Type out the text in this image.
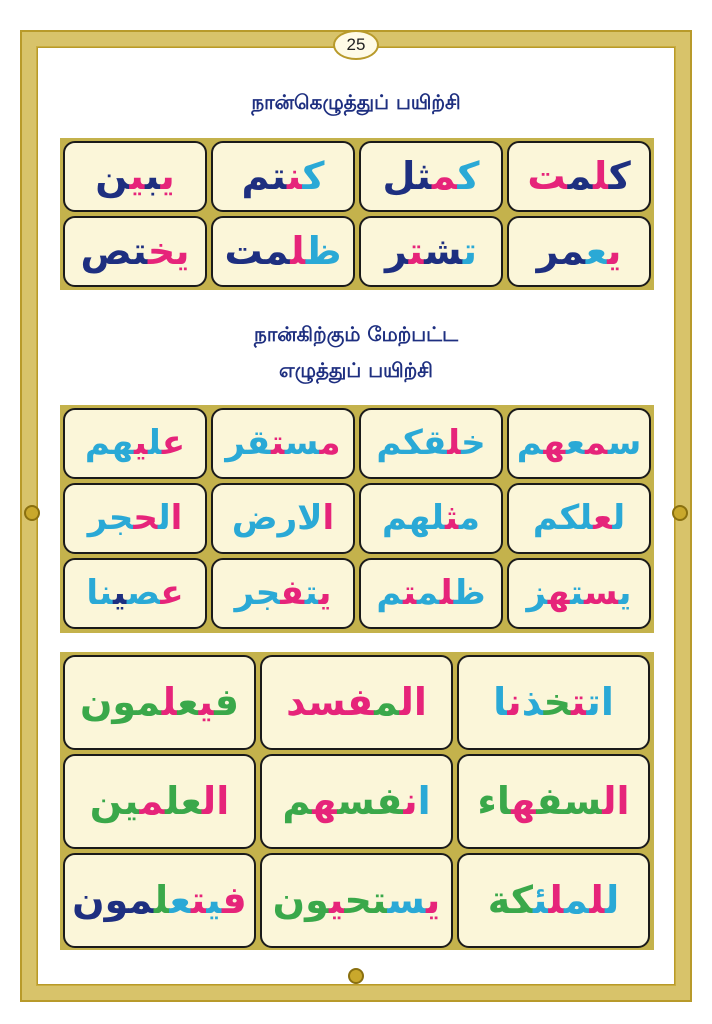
25
நான்கெழுத்துப் பயிற்சி
كلمت
كمثل
كنتم
يبين
يعمر
تشتر
ظلمت
يختص
நான்கிற்கும் மேற்பட்ட
எழுத்துப் பயிற்சி
سمعهم
خلقكم
مستقر
عليهم
لعلكم
مثلهم
الرض
الحجر
يستهز
ظلمتم
يتفجر
عصينا
اتتخذنا
المفسد
فيعلمون
السفهاء
انفسهم
العلمين
للملئكة
يستحيون
فيتعلمون
